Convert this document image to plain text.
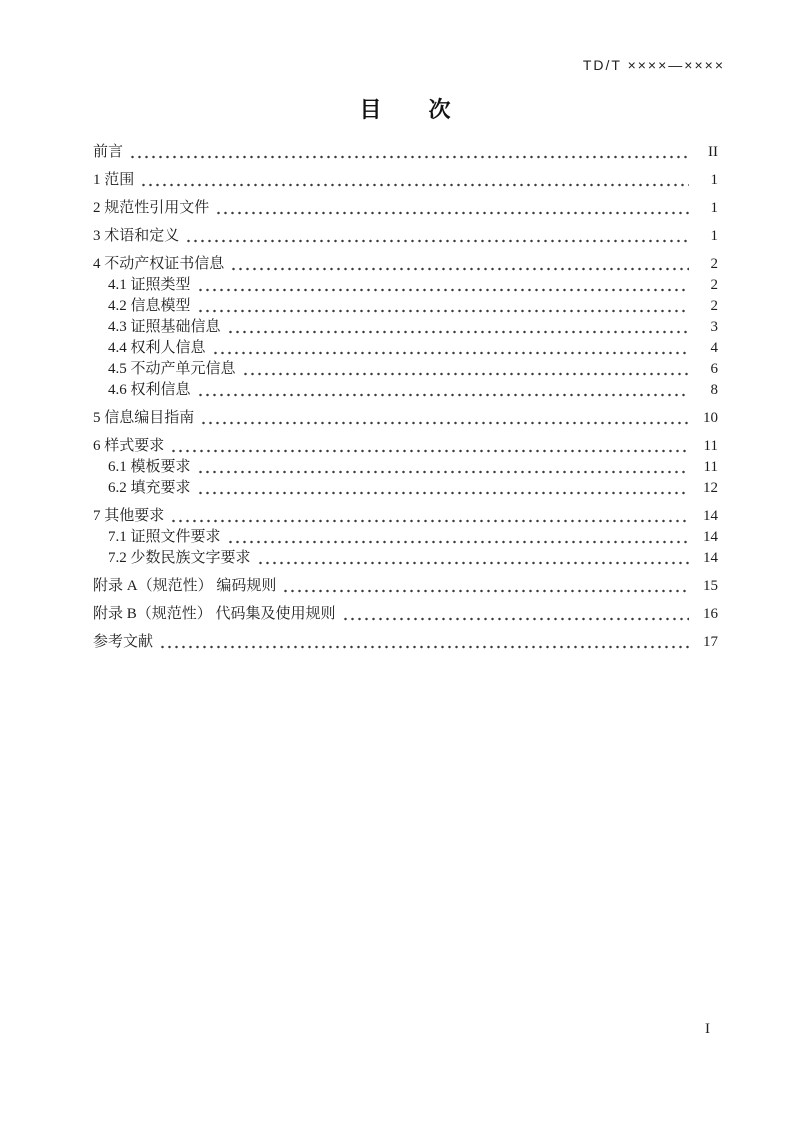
TD/T ××××—××××
目　　次
前言	II
1 范围	1
2 规范性引用文件	1
3 术语和定义	1
4 不动产权证书信息	2
4.1 证照类型	2
4.2 信息模型	2
4.3 证照基础信息	3
4.4 权利人信息	4
4.5 不动产单元信息	6
4.6 权利信息	8
5 信息编目指南	10
6 样式要求	11
6.1 模板要求	11
6.2 填充要求	12
7 其他要求	14
7.1 证照文件要求	14
7.2 少数民族文字要求	14
附录 A（规范性） 编码规则	15
附录 B（规范性） 代码集及使用规则	16
参考文献	17
I
